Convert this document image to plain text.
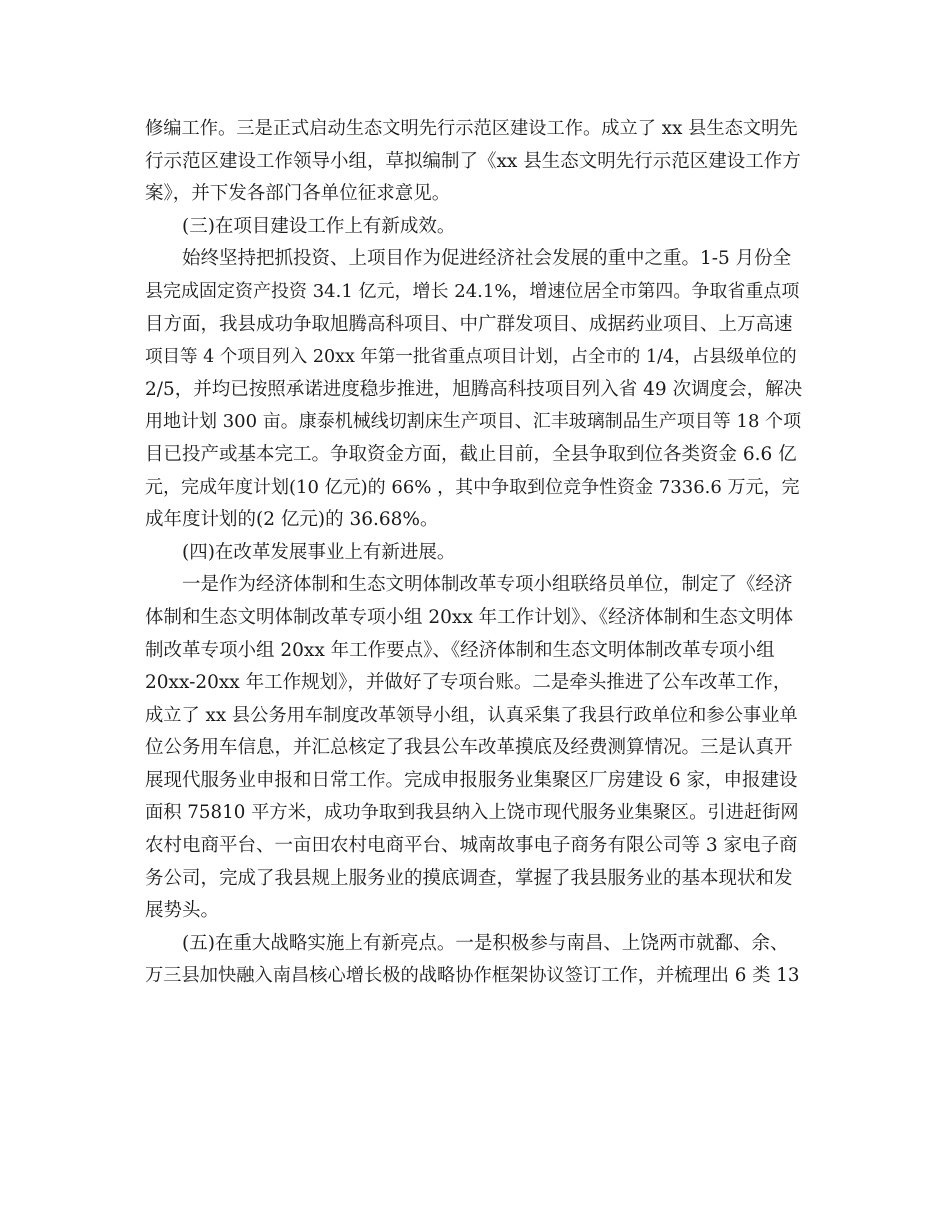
修编工作。三是正式启动生态文明先行示范区建设工作。成立了 xx 县生态文明先
行示范区建设工作领导小组，草拟编制了《xx 县生态文明先行示范区建设工作方
案》，并下发各部门各单位征求意见。
　　(三)在项目建设工作上有新成效。
　　始终坚持把抓投资、上项目作为促进经济社会发展的重中之重。1-5 月份全
县完成固定资产投资 34.1 亿元，增长 24.1%，增速位居全市第四。争取省重点项
目方面，我县成功争取旭腾高科项目、中广群发项目、成据药业项目、上万高速
项目等 4 个项目列入 20xx 年第一批省重点项目计划，占全市的 1/4，占县级单位的
2/5，并均已按照承诺进度稳步推进，旭腾高科技项目列入省 49 次调度会，解决
用地计划 300 亩。康泰机械线切割床生产项目、汇丰玻璃制品生产项目等 18 个项
目已投产或基本完工。争取资金方面，截止目前，全县争取到位各类资金 6.6 亿
元，完成年度计划(10 亿元)的 66% ，其中争取到位竞争性资金 7336.6 万元，完
成年度计划的(2 亿元)的 36.68%。
　　(四)在改革发展事业上有新进展。
　　一是作为经济体制和生态文明体制改革专项小组联络员单位，制定了《经济
体制和生态文明体制改革专项小组 20xx 年工作计划》、《经济体制和生态文明体
制改革专项小组 20xx 年工作要点》、《经济体制和生态文明体制改革专项小组
20xx-20xx 年工作规划》，并做好了专项台账。二是牵头推进了公车改革工作，
成立了 xx 县公务用车制度改革领导小组，认真采集了我县行政单位和参公事业单
位公务用车信息，并汇总核定了我县公车改革摸底及经费测算情况。三是认真开
展现代服务业申报和日常工作。完成申报服务业集聚区厂房建设 6 家，申报建设
面积 75810 平方米，成功争取到我县纳入上饶市现代服务业集聚区。引进赶街网
农村电商平台、一亩田农村电商平台、城南故事电子商务有限公司等 3 家电子商
务公司，完成了我县规上服务业的摸底调查，掌握了我县服务业的基本现状和发
展势头。
　　(五)在重大战略实施上有新亮点。一是积极参与南昌、上饶两市就鄱、余、
万三县加快融入南昌核心增长极的战略协作框架协议签订工作，并梳理出 6 类 13
